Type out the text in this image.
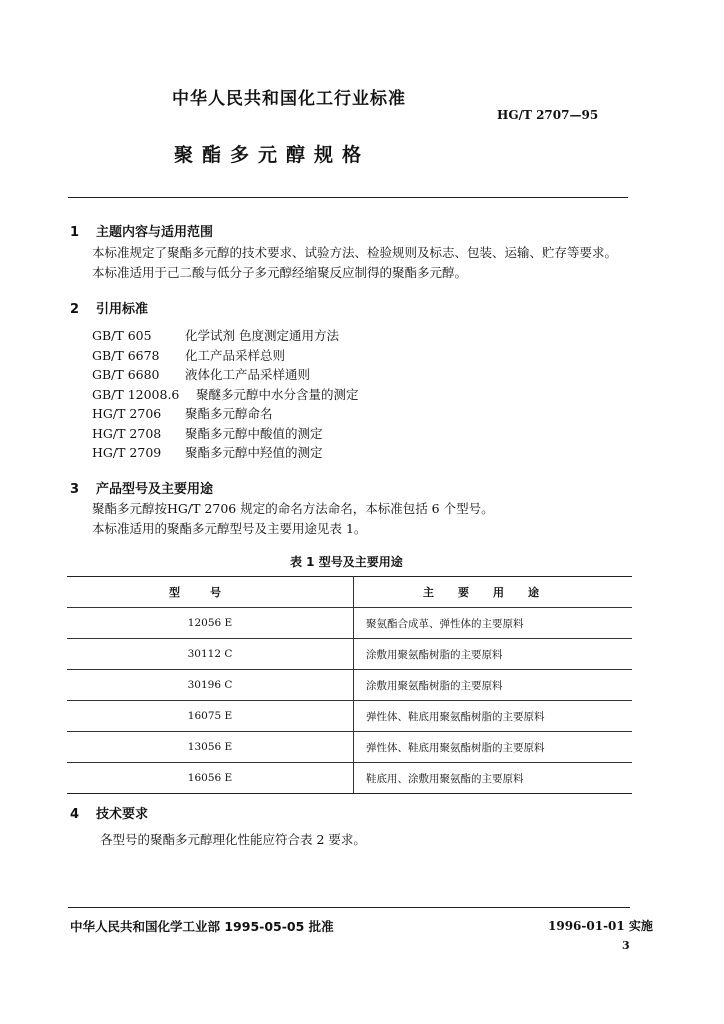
中华人民共和国化工行业标准
HG/T 2707—95
聚酯多元醇规格
1 主题内容与适用范围
本标准规定了聚酯多元醇的技术要求、试验方法、检验规则及标志、包装、运输、贮存等要求。
本标准适用于己二酸与低分子多元醇经缩聚反应制得的聚酯多元醇。
2 引用标准
GB/T 605	化学试剂 色度测定通用方法
GB/T 6678 化工产品采样总则
GB/T 6680 液体化工产品采样通则
GB/T 12008.6 聚醚多元醇中水分含量的测定
HG/T 2706 聚酯多元醇命名
HG/T 2708 聚酯多元醇中酸值的测定
HG/T 2709 聚酯多元醇中羟值的测定
3 产品型号及主要用途
聚酯多元醇按HG/T 2706 规定的命名方法命名，本标准包括 6 个型号。
本标准适用的聚酯多元醇型号及主要用途见表 1。
表 1 型号及主要用途
型号	主要用途
12056 E	聚氨酯合成革、弹性体的主要原料
30112 C	涂敷用聚氨酯树脂的主要原料
30196 C	涂敷用聚氨酯树脂的主要原料
16075 E	弹性体、鞋底用聚氨酯树脂的主要原料
13056 E	弹性体、鞋底用聚氨酯树脂的主要原料
16056 E	鞋底用、涂敷用聚氨酯的主要原料
4 技术要求
各型号的聚酯多元醇理化性能应符合表 2 要求。
中华人民共和国化学工业部 1995-05-05 批准	1996-01-01 实施
3
